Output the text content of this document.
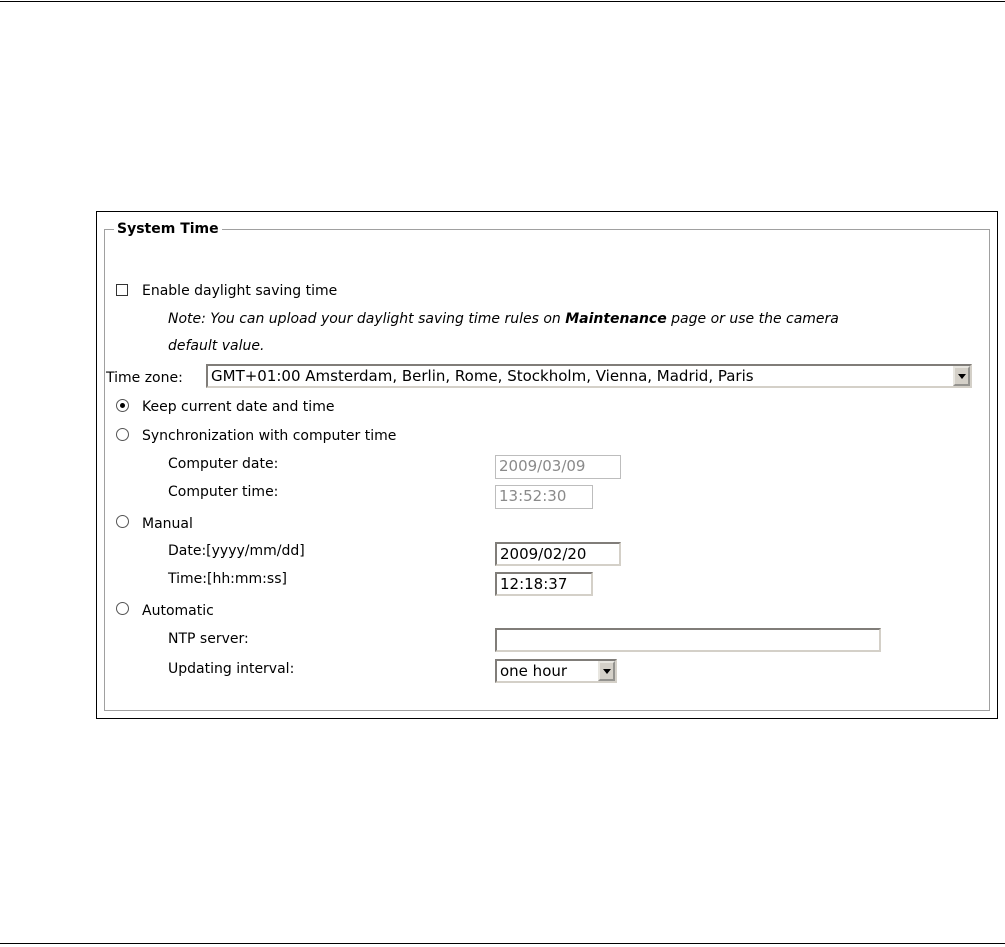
System Time
Enable daylight saving time
Note: You can upload your daylight saving time rules on Maintenance page or use the camera
default value.
Time zone: GMT+01:00 Amsterdam, Berlin, Rome, Stockholm, Vienna, Madrid, Paris
Keep current date and time
Synchronization with computer time
Computer date:	2009/03/09
Computer time:	13:52:30
Manual
Date:[yyyy/mm/dd]	2009/02/20
Time:[hh:mm:ss]	12:18:37
Automatic
NTP server:
Updating interval:	one hour
